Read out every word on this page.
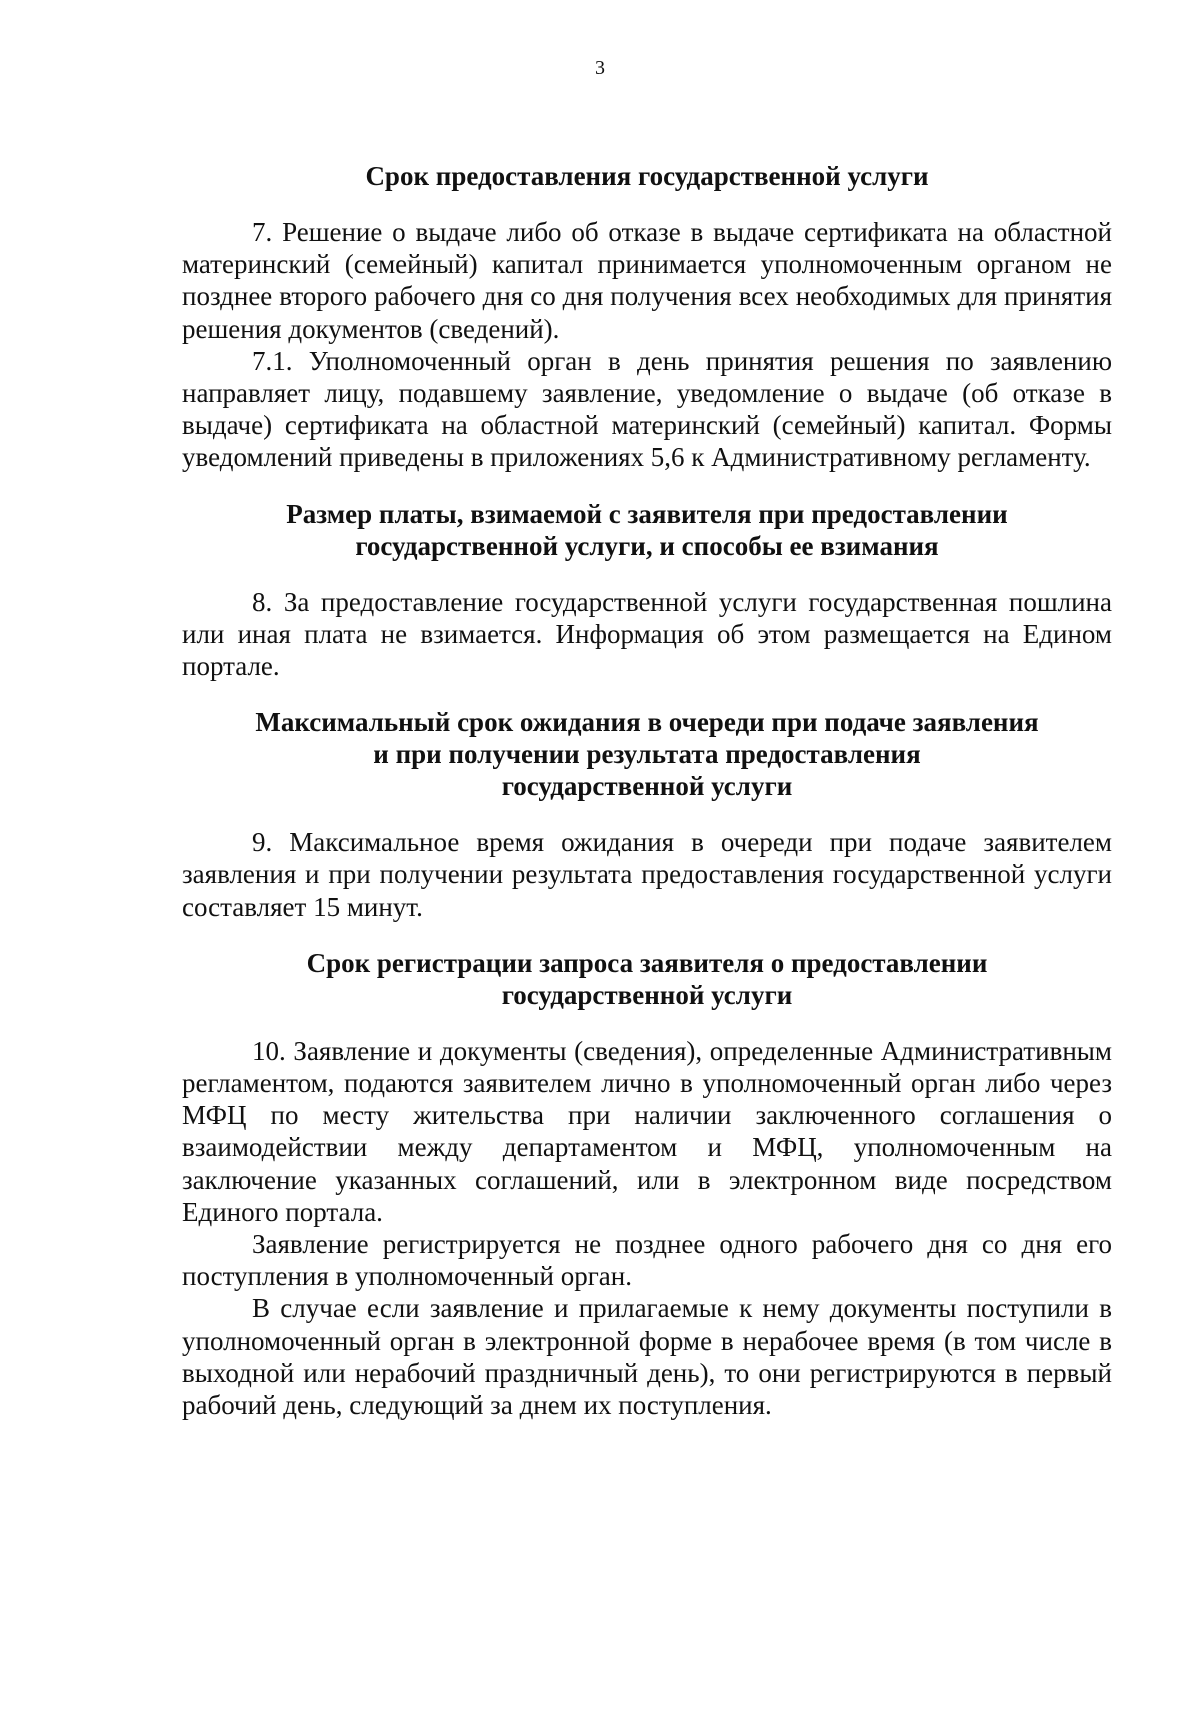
3

Срок предоставления государственной услуги

7. Решение о выдаче либо об отказе в выдаче сертификата на областной материнский (семейный) капитал принимается уполномоченным органом не позднее второго рабочего дня со дня получения всех необходимых для принятия решения документов (сведений).

7.1. Уполномоченный орган в день принятия решения по заявлению направляет лицу, подавшему заявление, уведомление о выдаче (об отказе в выдаче) сертификата на областной материнский (семейный) капитал. Формы уведомлений приведены в приложениях 5,6 к Административному регламенту.

Размер платы, взимаемой с заявителя при предоставлении
государственной услуги, и способы ее взимания

8. За предоставление государственной услуги государственная пошлина или иная плата не взимается. Информация об этом размещается на Едином портале.

Максимальный срок ожидания в очереди при подаче заявления
и при получении результата предоставления
государственной услуги

9. Максимальное время ожидания в очереди при подаче заявителем заявления и при получении результата предоставления государственной услуги составляет 15 минут.

Срок регистрации запроса заявителя о предоставлении
государственной услуги

10. Заявление и документы (сведения), определенные Административным регламентом, подаются заявителем лично в уполномоченный орган либо через МФЦ по месту жительства при наличии заключенного соглашения о взаимодействии между департаментом и МФЦ, уполномоченным на заключение указанных соглашений, или в электронном виде посредством Единого портала.

Заявление регистрируется не позднее одного рабочего дня со дня его поступления в уполномоченный орган.

В случае если заявление и прилагаемые к нему документы поступили в уполномоченный орган в электронной форме в нерабочее время (в том числе в выходной или нерабочий праздничный день), то они регистрируются в первый рабочий день, следующий за днем их поступления.
